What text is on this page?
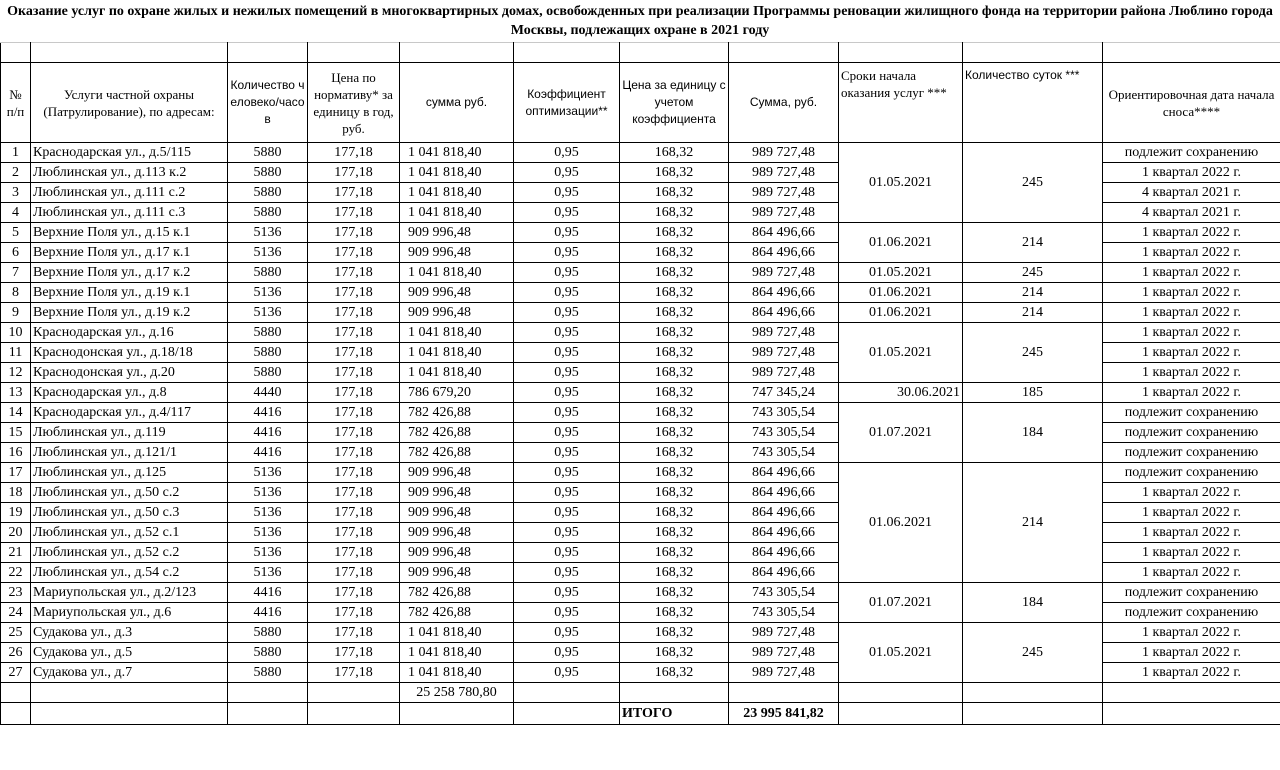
Оказание услуг по охране жилых и нежилых помещений в многоквартирных домах, освобожденных при реализации Программы реновации жилищного фонда на территории района Люблино города Москвы, подлежащих охране в 2021 году

№ п/п	Услуги частной охраны (Патрулирование), по адресам:	Количество человеко/часов	Цена по нормативу* за единицу в год, руб.	сумма руб.	Коэффициент оптимизации**	Цена за единицу с учетом коэффициента	Сумма, руб.	Сроки начала оказания услуг ***	Количество суток ***	Ориентировочная дата начала сноса****
1	Краснодарская ул., д.5/115	5880	177,18	1 041 818,40	0,95	168,32	989 727,48	01.05.2021	245	подлежит сохранению
2	Люблинская ул., д.113 к.2	5880	177,18	1 041 818,40	0,95	168,32	989 727,48			1 квартал 2022 г.
3	Люблинская ул., д.111 с.2	5880	177,18	1 041 818,40	0,95	168,32	989 727,48			4 квартал 2021 г.
4	Люблинская ул., д.111 с.3	5880	177,18	1 041 818,40	0,95	168,32	989 727,48			4 квартал 2021 г.
5	Верхние Поля ул., д.15 к.1	5136	177,18	909 996,48	0,95	168,32	864 496,66	01.06.2021	214	1 квартал 2022 г.
6	Верхние Поля ул., д.17 к.1	5136	177,18	909 996,48	0,95	168,32	864 496,66			1 квартал 2022 г.
7	Верхние Поля ул., д.17 к.2	5880	177,18	1 041 818,40	0,95	168,32	989 727,48	01.05.2021	245	1 квартал 2022 г.
8	Верхние Поля ул., д.19 к.1	5136	177,18	909 996,48	0,95	168,32	864 496,66	01.06.2021	214	1 квартал 2022 г.
9	Верхние Поля ул., д.19 к.2	5136	177,18	909 996,48	0,95	168,32	864 496,66	01.06.2021	214	1 квартал 2022 г.
10	Краснодарская ул., д.16	5880	177,18	1 041 818,40	0,95	168,32	989 727,48	01.05.2021	245	1 квартал 2022 г.
11	Краснодонская ул., д.18/18	5880	177,18	1 041 818,40	0,95	168,32	989 727,48			1 квартал 2022 г.
12	Краснодонская ул., д.20	5880	177,18	1 041 818,40	0,95	168,32	989 727,48			1 квартал 2022 г.
13	Краснодарская ул., д.8	4440	177,18	786 679,20	0,95	168,32	747 345,24	30.06.2021	185	1 квартал 2022 г.
14	Краснодарская ул., д.4/117	4416	177,18	782 426,88	0,95	168,32	743 305,54	01.07.2021	184	подлежит сохранению
15	Люблинская ул., д.119	4416	177,18	782 426,88	0,95	168,32	743 305,54			подлежит сохранению
16	Люблинская ул., д.121/1	4416	177,18	782 426,88	0,95	168,32	743 305,54			подлежит сохранению
17	Люблинская ул., д.125	5136	177,18	909 996,48	0,95	168,32	864 496,66	01.06.2021	214	подлежит сохранению
18	Люблинская ул., д.50 с.2	5136	177,18	909 996,48	0,95	168,32	864 496,66			1 квартал 2022 г.
19	Люблинская ул., д.50 с.3	5136	177,18	909 996,48	0,95	168,32	864 496,66			1 квартал 2022 г.
20	Люблинская ул., д.52 с.1	5136	177,18	909 996,48	0,95	168,32	864 496,66			1 квартал 2022 г.
21	Люблинская ул., д.52 с.2	5136	177,18	909 996,48	0,95	168,32	864 496,66			1 квартал 2022 г.
22	Люблинская ул., д.54 с.2	5136	177,18	909 996,48	0,95	168,32	864 496,66			1 квартал 2022 г.
23	Мариупольская ул., д.2/123	4416	177,18	782 426,88	0,95	168,32	743 305,54	01.07.2021	184	подлежит сохранению
24	Мариупольская ул., д.6	4416	177,18	782 426,88	0,95	168,32	743 305,54			подлежит сохранению
25	Судакова ул., д.3	5880	177,18	1 041 818,40	0,95	168,32	989 727,48	01.05.2021	245	1 квартал 2022 г.
26	Судакова ул., д.5	5880	177,18	1 041 818,40	0,95	168,32	989 727,48			1 квартал 2022 г.
27	Судакова ул., д.7	5880	177,18	1 041 818,40	0,95	168,32	989 727,48			1 квартал 2022 г.
				25 258 780,80						
						ИТОГО	23 995 841,82			
